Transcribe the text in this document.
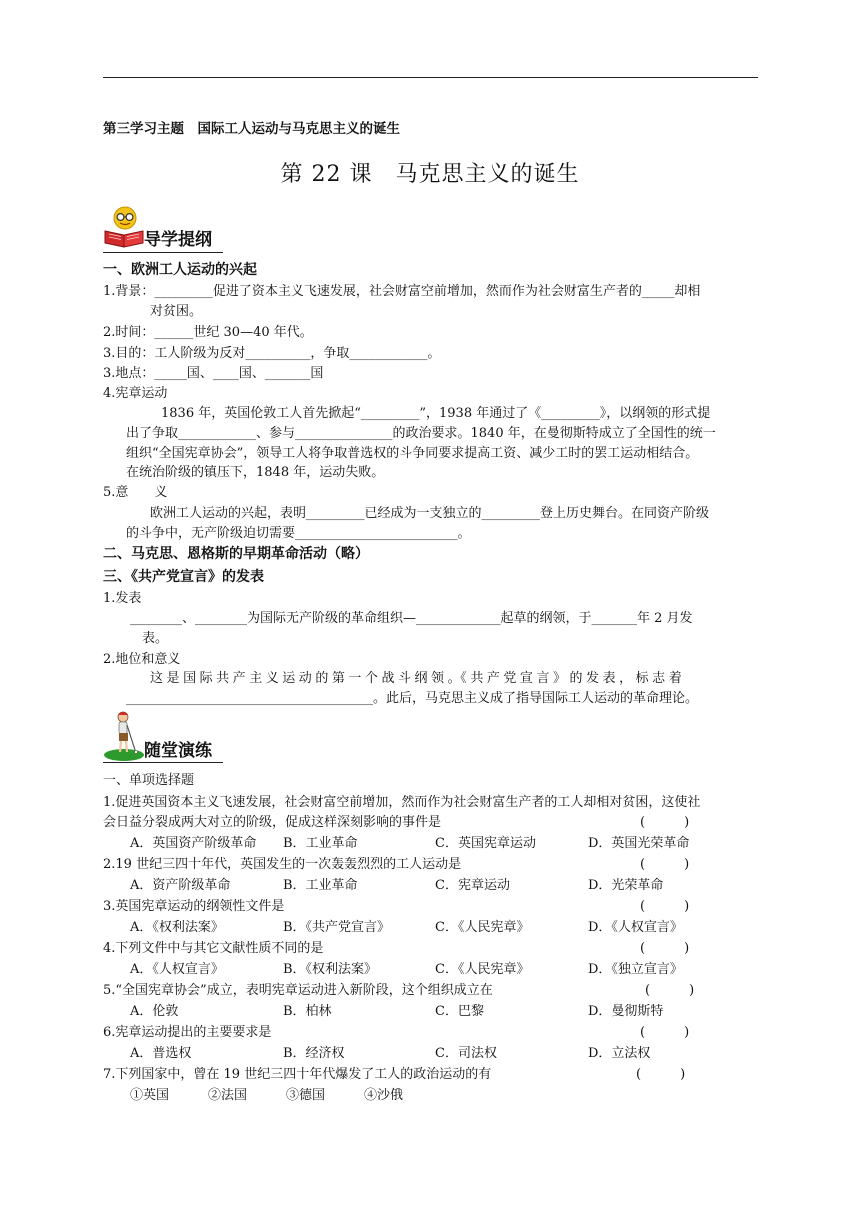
第三学习主题　国际工人运动与马克思主义的诞生
第 22 课　马克思主义的诞生
导学提纲
一、欧洲工人运动的兴起
1.背景：_________促进了资本主义飞速发展，社会财富空前增加，然而作为社会财富生产者的_____却相
对贫困。
2.时间：______世纪 30—40 年代。
3.目的：工人阶级为反对__________，争取____________。
3.地点：_____国、____国、_______国
4.宪章运动
1836 年，英国伦敦工人首先掀起“_________”，1938 年通过了《_________》，以纲领的形式提
出了争取____________、参与_______________的政治要求。1840 年，在曼彻斯特成立了全国性的统一
组织“全国宪章协会”，领导工人将争取普选权的斗争同要求提高工资、减少工时的罢工运动相结合。
在统治阶级的镇压下，1848 年，运动失败。
5.意　　义
欧洲工人运动的兴起，表明_________已经成为一支独立的_________登上历史舞台。在同资产阶级
的斗争中，无产阶级迫切需要_________________________。
二、马克思、恩格斯的早期革命活动（略）
三、《共产党宣言》的发表
1.发表
________、________为国际无产阶级的革命组织—_____________起草的纲领，于_______年 2 月发
表。
2.地位和意义
这 是 国 际 共 产 主 义 运 动 的 第 一 个 战 斗 纲 领 。《 共 产 党 宣 言 》 的 发 表 ， 标 志 着
______________________________________。此后，马克思主义成了指导国际工人运动的革命理论。
随堂演练
一、单项选择题
1.促进英国资本主义飞速发展，社会财富空前增加，然而作为社会财富生产者的工人却相对贫困，这使社
会日益分裂成两大对立的阶级，促成这样深刻影响的事件是	(　　　)
A．英国资产阶级革命 B．工业革命	C．英国宪章运动	D．英国光荣革命
2.19 世纪三四十年代，英国发生的一次轰轰烈烈的工人运动是	(　　　)
A．资产阶级革命	B．工业革命	C．宪章运动	D．光荣革命
3.英国宪章运动的纲领性文件是	(　　　)
A．《权利法案》	B．《共产党宣言》	C．《人民宪章》	D．《人权宣言》
4.下列文件中与其它文献性质不同的是	(　　　)
A．《人权宣言》	B．《权利法案》	C．《人民宪章》	D．《独立宣言》
5.“全国宪章协会”成立，表明宪章运动进入新阶段，这个组织成立在	(　　　)
A．伦敦	B．柏林	C．巴黎	D．曼彻斯特
6.宪章运动提出的主要要求是	(　　　)
A．普选权	B．经济权	C．司法权	D．立法权
7.下列国家中，曾在 19 世纪三四十年代爆发了工人的政治运动的有	(　　　)
①英国　　　②法国　　　③德国　　　④沙俄
